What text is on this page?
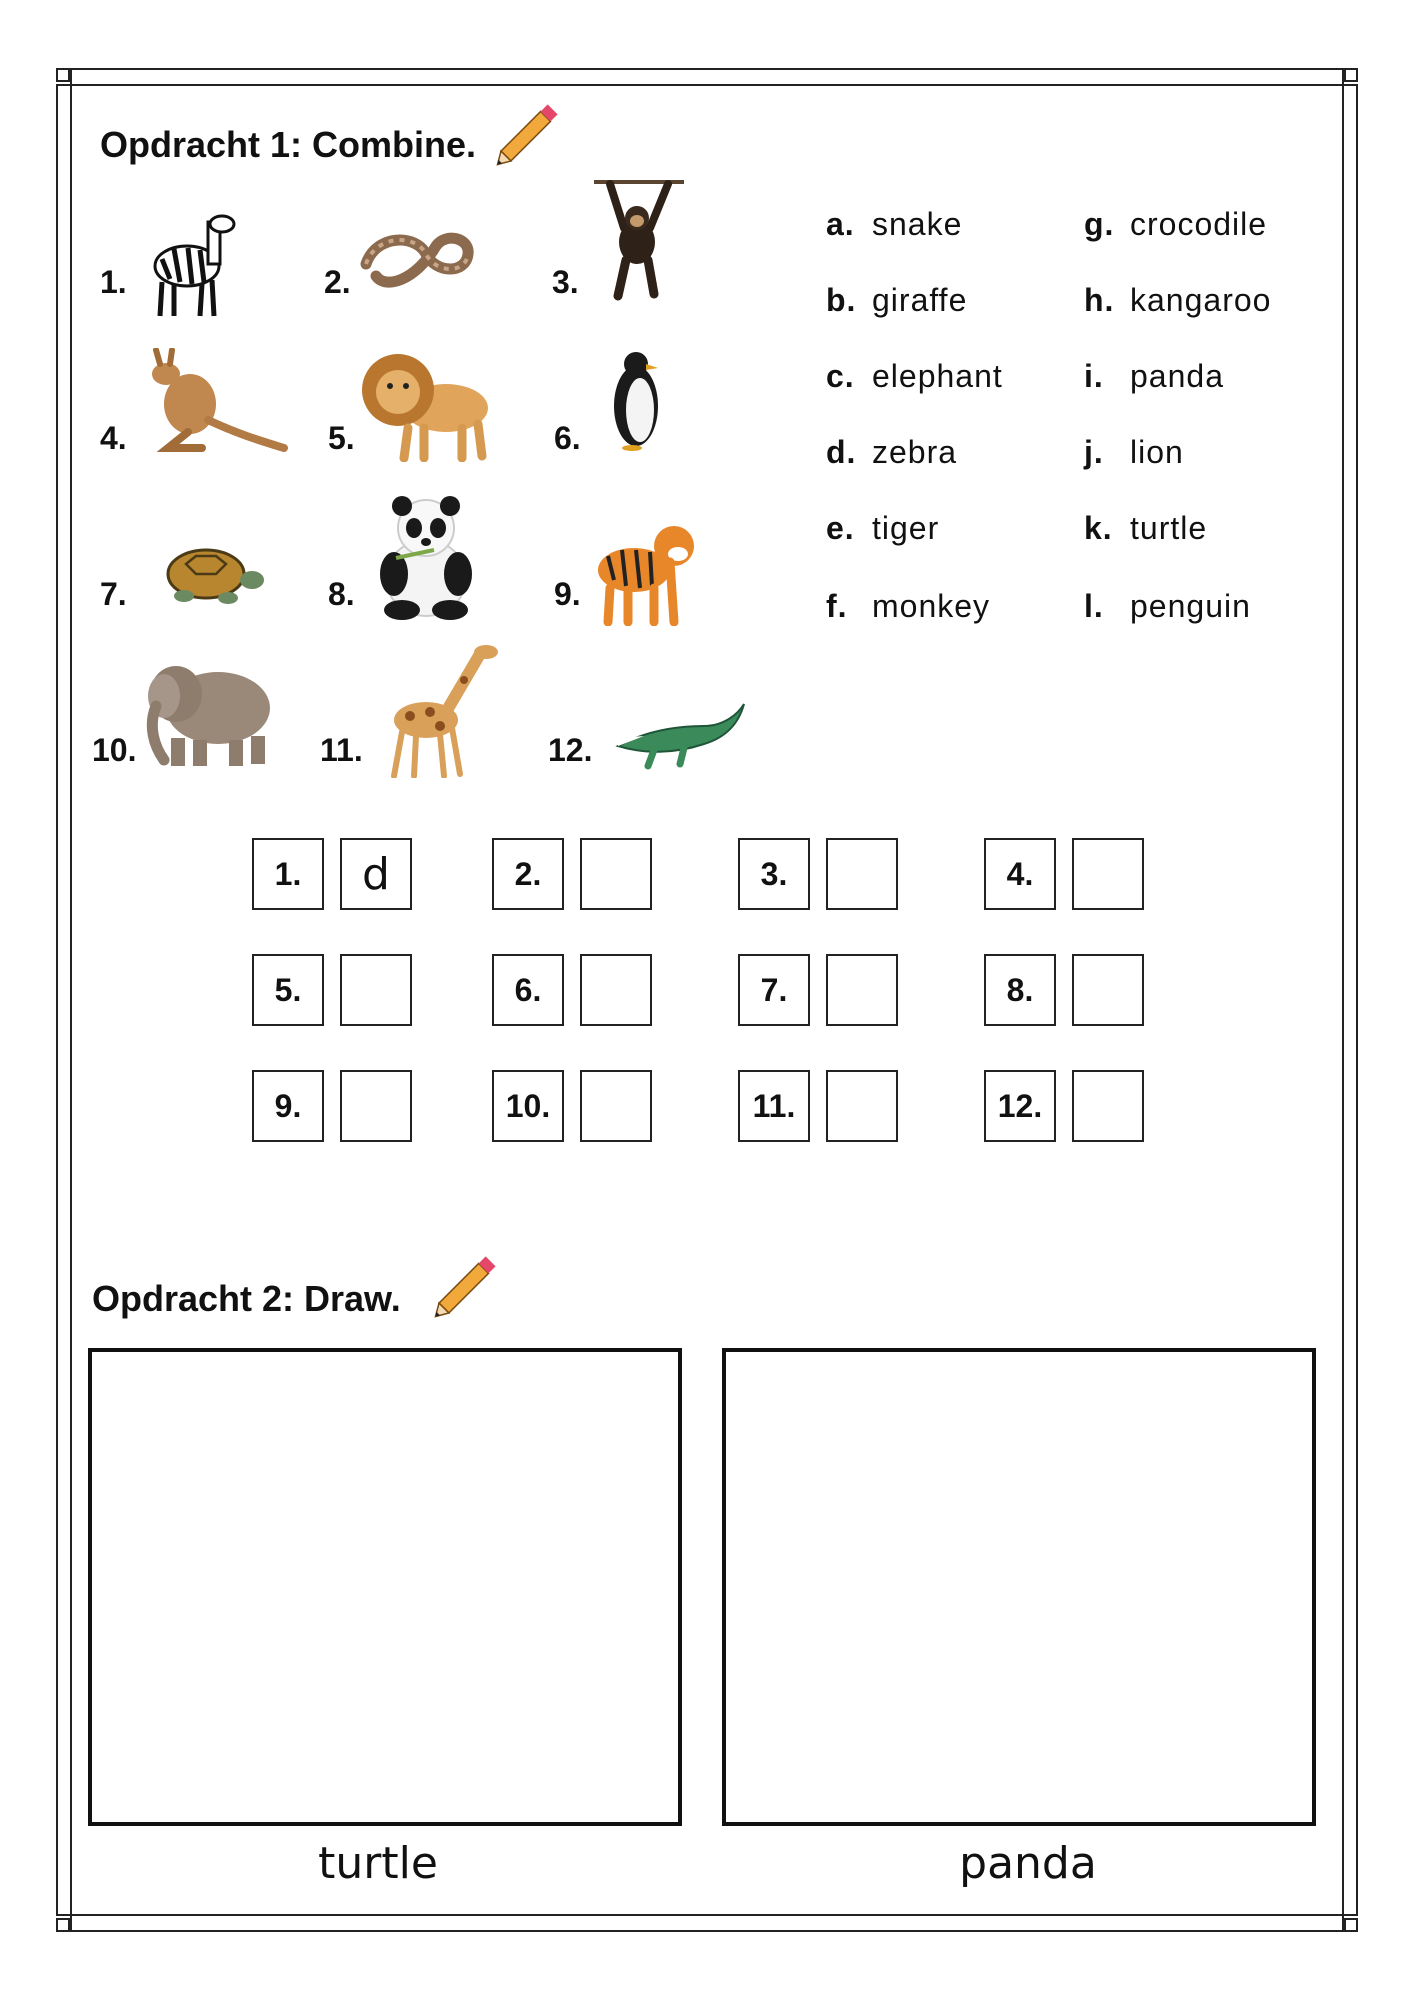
Opdracht 1: Combine.
1.	2.	3.
4.	5.	6.
7.	8.	9.
10.	11.	12.
a. snake
b. giraffe
c. elephant
d. zebra
e. tiger
f. monkey
g. crocodile
h. kangaroo
i. panda
j. lion
k. turtle
l. penguin
1.	d	2.	3.	4.
5.	6.	7.	8.
9.	10.	11.	12.
Opdracht 2: Draw.
turtle	panda
